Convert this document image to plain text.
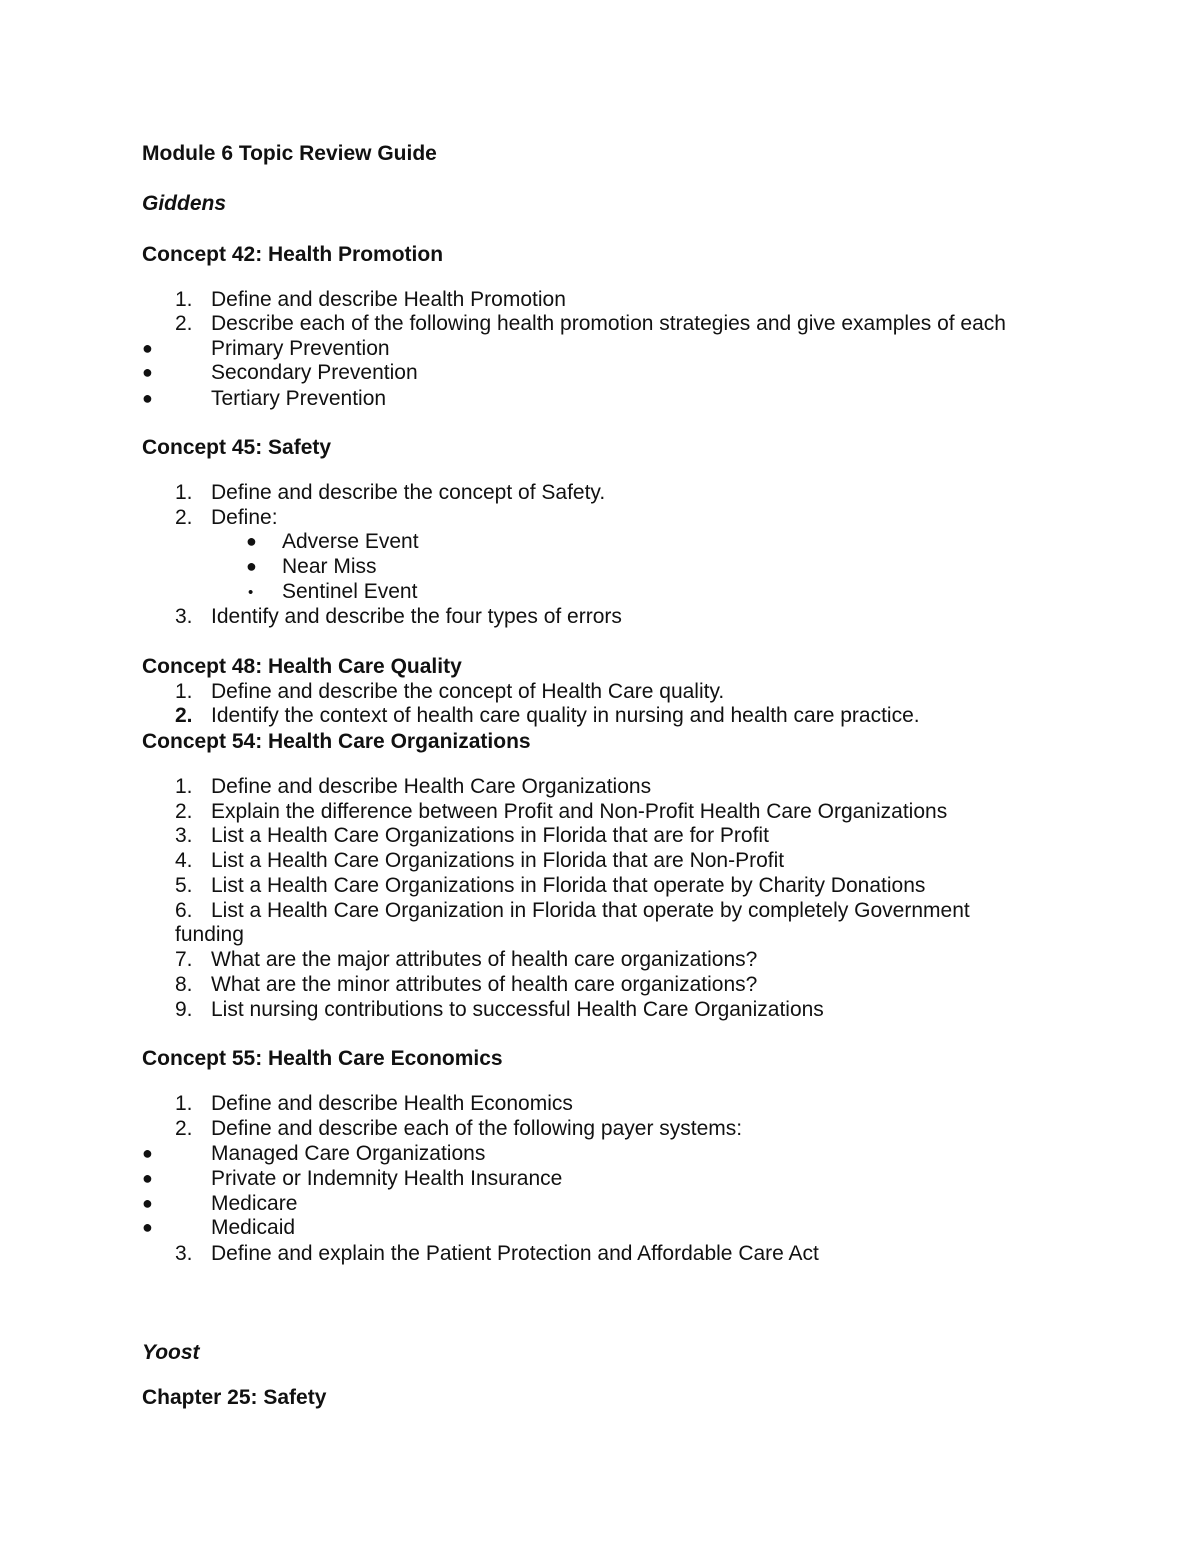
Module 6 Topic Review Guide
Giddens
Concept 42: Health Promotion
1. Define and describe Health Promotion
2. Describe each of the following health promotion strategies and give examples of each
●	Primary Prevention
●	Secondary Prevention
●	Tertiary Prevention
Concept 45: Safety
1. Define and describe the concept of Safety.
2. Define:
● Adverse Event
● Near Miss
• Sentinel Event
3. Identify and describe the four types of errors
Concept 48: Health Care Quality
1. Define and describe the concept of Health Care quality.
2. Identify the context of health care quality in nursing and health care practice.
Concept 54: Health Care Organizations
1. Define and describe Health Care Organizations
2. Explain the difference between Profit and Non-Profit Health Care Organizations
3. List a Health Care Organizations in Florida that are for Profit
4. List a Health Care Organizations in Florida that are Non-Profit
5. List a Health Care Organizations in Florida that operate by Charity Donations
6. List a Health Care Organization in Florida that operate by completely Government
funding
7. What are the major attributes of health care organizations?
8. What are the minor attributes of health care organizations?
9. List nursing contributions to successful Health Care Organizations
Concept 55: Health Care Economics
1. Define and describe Health Economics
2. Define and describe each of the following payer systems:
●	Managed Care Organizations
●	Private or Indemnity Health Insurance
●	Medicare
●	Medicaid
3. Define and explain the Patient Protection and Affordable Care Act
Yoost
Chapter 25: Safety
